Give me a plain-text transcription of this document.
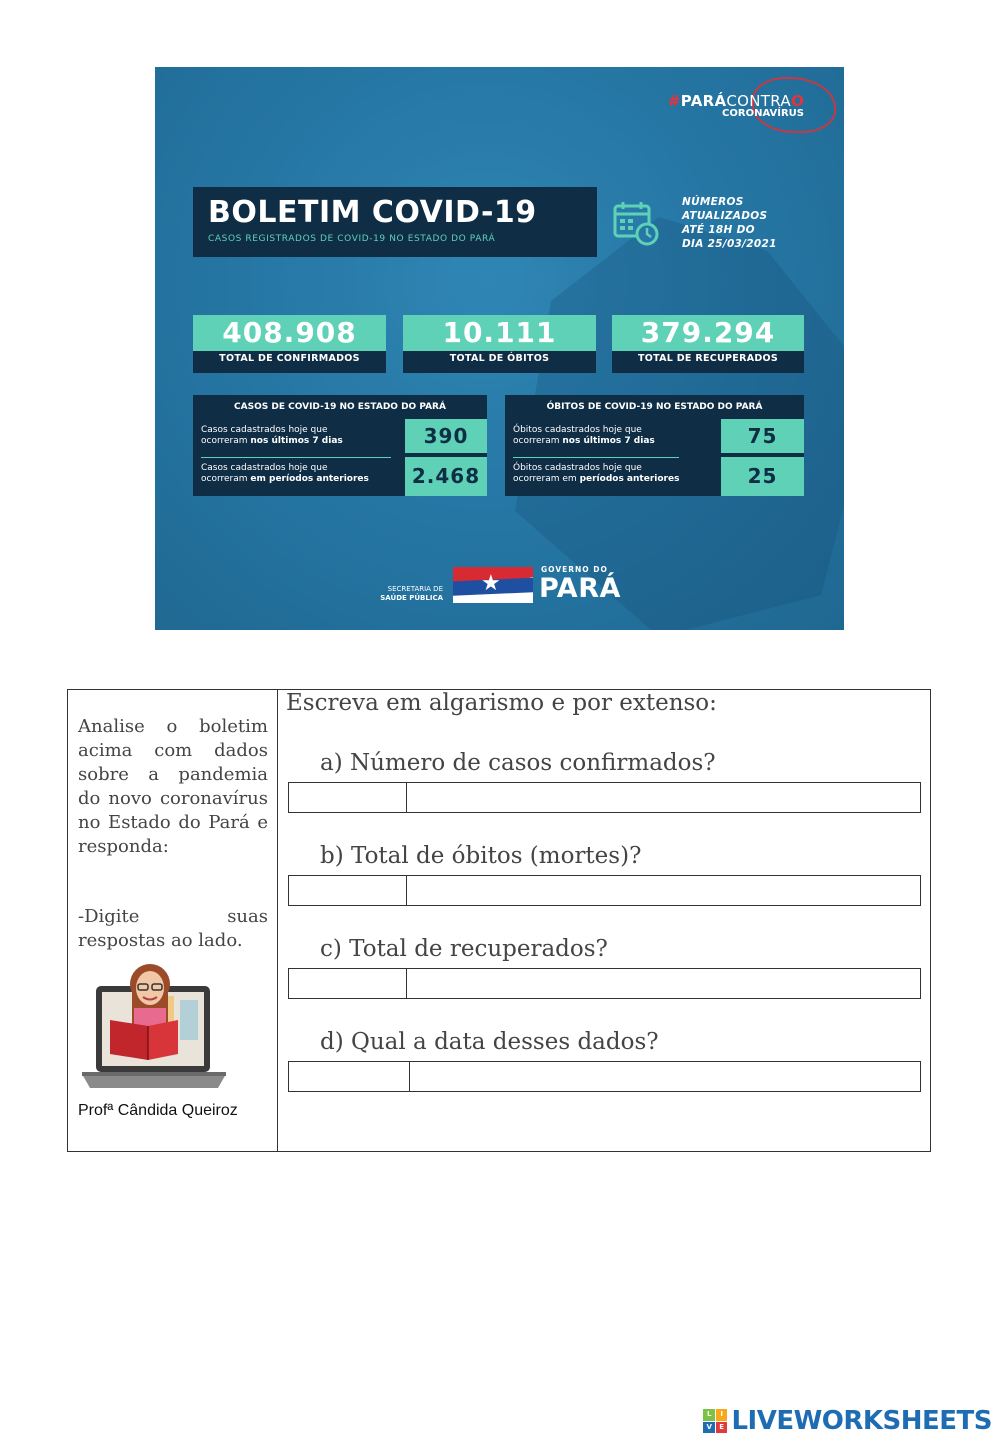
#PARÁCONTRAO
CORONAVÍRUS
BOLETIM COVID-19
CASOS REGISTRADOS DE COVID-19 NO ESTADO DO PARÁ
NÚMEROS
ATUALIZADOS
ATÉ 18H DO
DIA 25/03/2021
408.908
TOTAL DE CONFIRMADOS
10.111
TOTAL DE ÓBITOS
379.294
TOTAL DE RECUPERADOS
CASOS DE COVID-19 NO ESTADO DO PARÁ
Casos cadastrados hoje que
ocorreram nos últimos 7 dias
Casos cadastrados hoje que
ocorreram em períodos anteriores
390
2.468
ÓBITOS DE COVID-19 NO ESTADO DO PARÁ
Óbitos cadastrados hoje que
ocorreram nos últimos 7 dias
Óbitos cadastrados hoje que
ocorreram em períodos anteriores
75
25
SECRETARIA DE
SAÚDE PÚBLICA
★
GOVERNO DO
PARÁ
Analise o boletim acima com dados sobre a pandemia do novo coronavírus no Estado do Pará e responda:
-Digite suas respostas ao lado.
Profª Cândida Queiroz
Escreva em algarismo e por extenso:
a) Número de casos confirmados?
b) Total de óbitos (mortes)?
c) Total de recuperados?
d) Qual a data desses dados?
L	I
V	E LIVEWORKSHEETS
